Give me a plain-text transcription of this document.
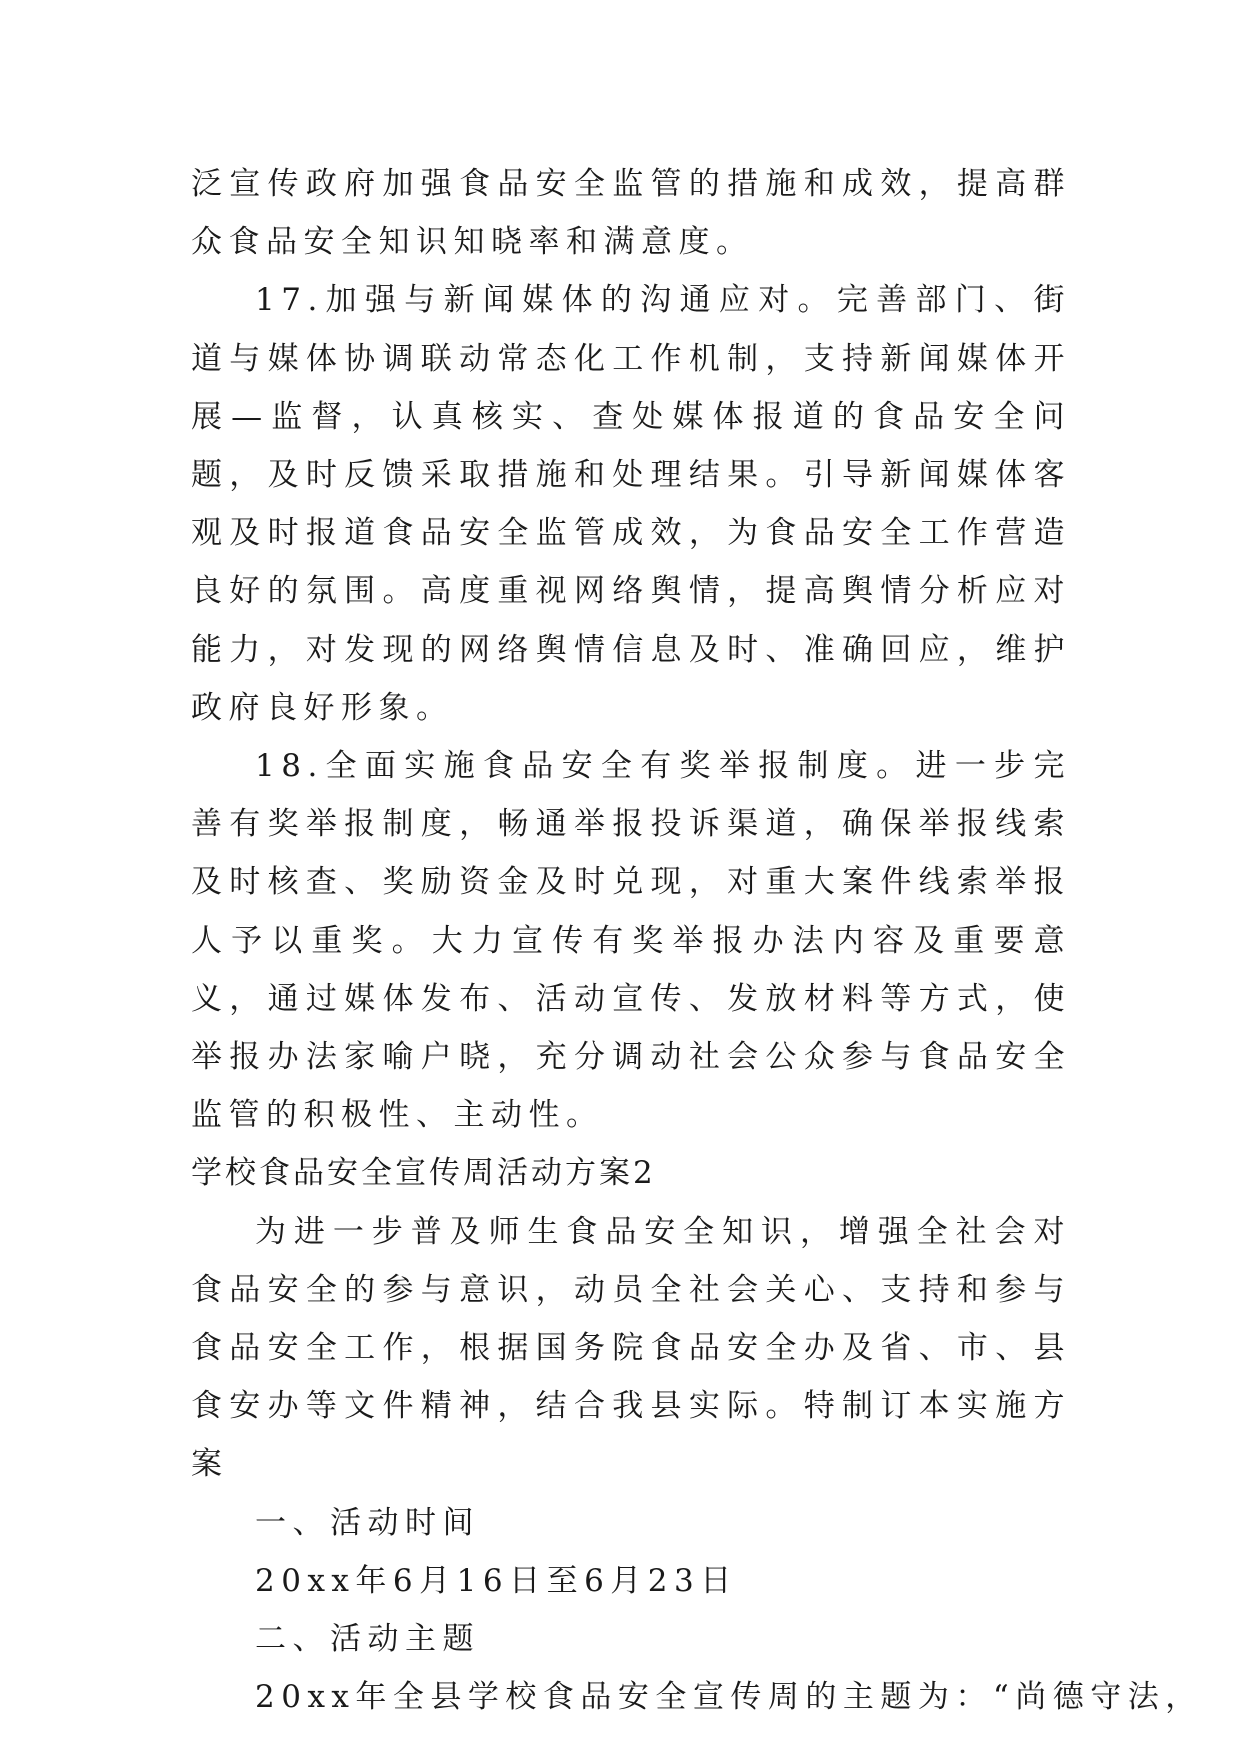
泛宣传政府加强食品安全监管的措施和成效，提高群众食品安全知识知晓率和满意度。

17.加强与新闻媒体的沟通应对。完善部门、街道与媒体协调联动常态化工作机制，支持新闻媒体开展—监督，认真核实、查处媒体报道的食品安全问题，及时反馈采取措施和处理结果。引导新闻媒体客观及时报道食品安全监管成效，为食品安全工作营造良好的氛围。高度重视网络舆情，提高舆情分析应对能力，对发现的网络舆情信息及时、准确回应，维护政府良好形象。

18.全面实施食品安全有奖举报制度。进一步完善有奖举报制度，畅通举报投诉渠道，确保举报线索及时核查、奖励资金及时兑现，对重大案件线索举报人予以重奖。大力宣传有奖举报办法内容及重要意义，通过媒体发布、活动宣传、发放材料等方式，使举报办法家喻户晓，充分调动社会公众参与食品安全监管的积极性、主动性。

学校食品安全宣传周活动方案2

为进一步普及师生食品安全知识，增强全社会对食品安全的参与意识，动员全社会关心、支持和参与食品安全工作，根据国务院食品安全办及省、市、县食安办等文件精神，结合我县实际。特制订本实施方案

一、活动时间

20xx年6月16日至6月23日

二、活动主题

20xx年全县学校食品安全宣传周的主题为：“尚德守法，
